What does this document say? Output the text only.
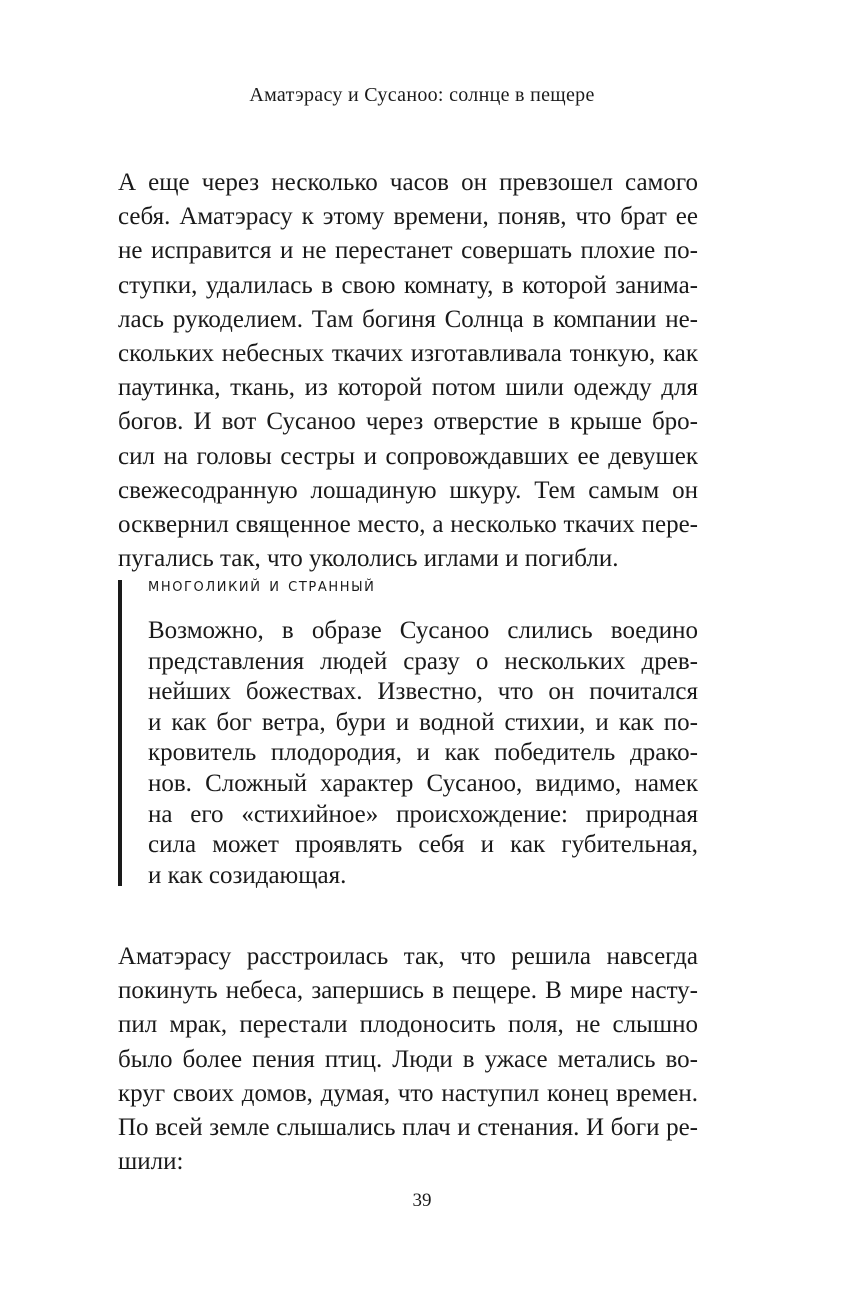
Аматэрасу и Сусаноо: солнце в пещере
А еще через несколько часов он превзошел самого
себя. Аматэрасу к этому времени, поняв, что брат ее
не исправится и не перестанет совершать плохие по-
ступки, удалилась в свою комнату, в которой занима-
лась рукоделием. Там богиня Солнца в компании не-
скольких небесных ткачих изготавливала тонкую, как
паутинка, ткань, из которой потом шили одежду для
богов. И вот Сусаноо через отверстие в крыше бро-
сил на головы сестры и сопровождавших ее девушек
свежесодранную лошадиную шкуру. Тем самым он
осквернил священное место, а несколько ткачих пере-
пугались так, что укололись иглами и погибли.
многоликий и странный
Возможно, в образе Сусаноо слились воедино
представления людей сразу о нескольких древ-
нейших божествах. Известно, что он почитался
и как бог ветра, бури и водной стихии, и как по-
кровитель плодородия, и как победитель драко-
нов. Сложный характер Сусаноо, видимо, намек
на его «стихийное» происхождение: природная
сила может проявлять себя и как губительная,
и как созидающая.
Аматэрасу расстроилась так, что решила навсегда
покинуть небеса, запершись в пещере. В мире насту-
пил мрак, перестали плодоносить поля, не слышно
было более пения птиц. Люди в ужасе метались во-
круг своих домов, думая, что наступил конец времен.
По всей земле слышались плач и стенания. И боги ре-
шили:
39
